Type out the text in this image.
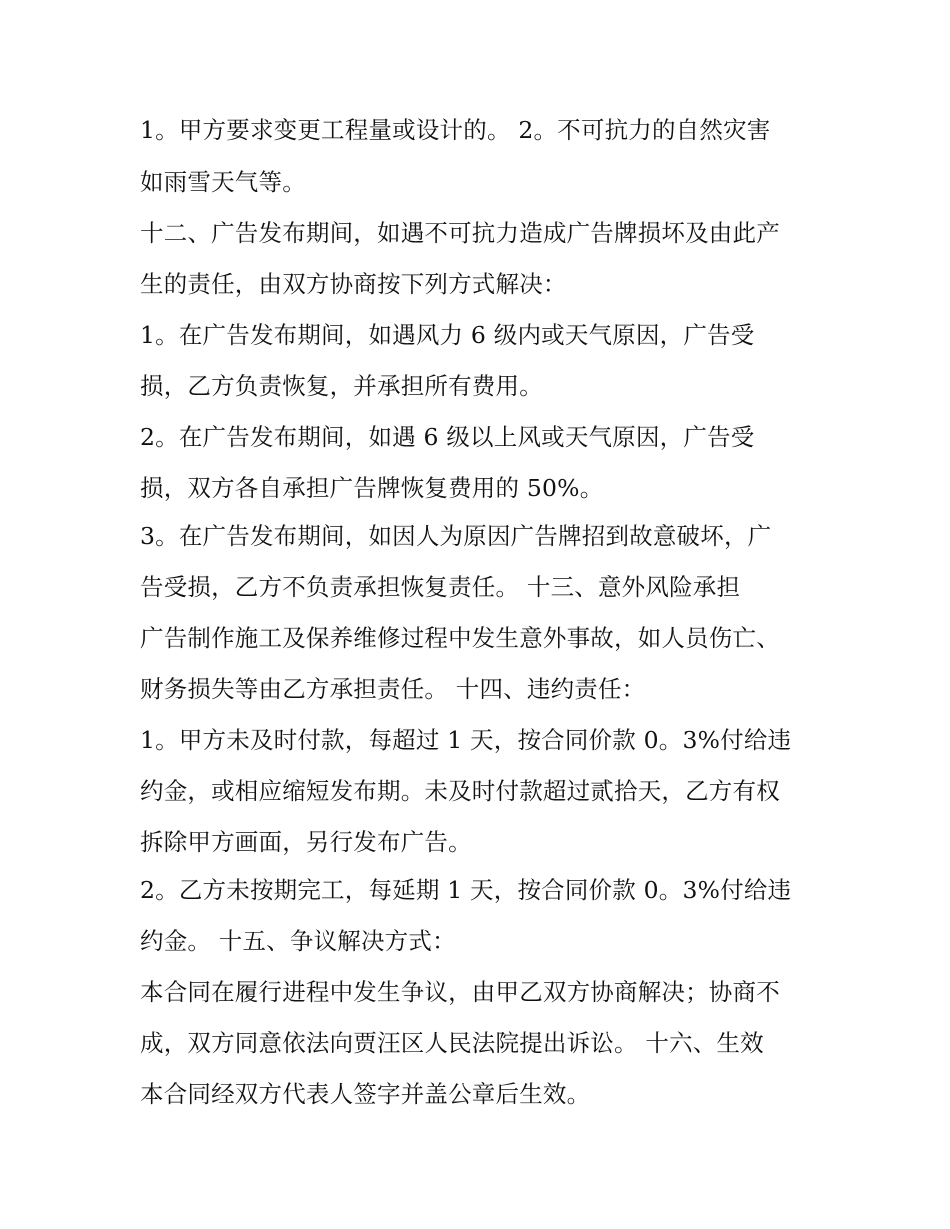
1。甲方要求变更工程量或设计的。 2。不可抗力的自然灾害
如雨雪天气等。
十二、广告发布期间，如遇不可抗力造成广告牌损坏及由此产
生的责任，由双方协商按下列方式解决：
1。在广告发布期间，如遇风力 6 级内或天气原因，广告受
损，乙方负责恢复，并承担所有费用。
2。在广告发布期间，如遇 6 级以上风或天气原因，广告受
损，双方各自承担广告牌恢复费用的 50%。
3。在广告发布期间，如因人为原因广告牌招到故意破坏，广
告受损，乙方不负责承担恢复责任。 十三、意外风险承担
广告制作施工及保养维修过程中发生意外事故，如人员伤亡、
财务损失等由乙方承担责任。 十四、违约责任：
1。甲方未及时付款，每超过 1 天，按合同价款 0。3%付给违
约金，或相应缩短发布期。未及时付款超过贰拾天，乙方有权
拆除甲方画面，另行发布广告。
2。乙方未按期完工，每延期 1 天，按合同价款 0。3%付给违
约金。 十五、争议解决方式：
本合同在履行进程中发生争议，由甲乙双方协商解决；协商不
成，双方同意依法向贾汪区人民法院提出诉讼。 十六、生效
本合同经双方代表人签字并盖公章后生效。
